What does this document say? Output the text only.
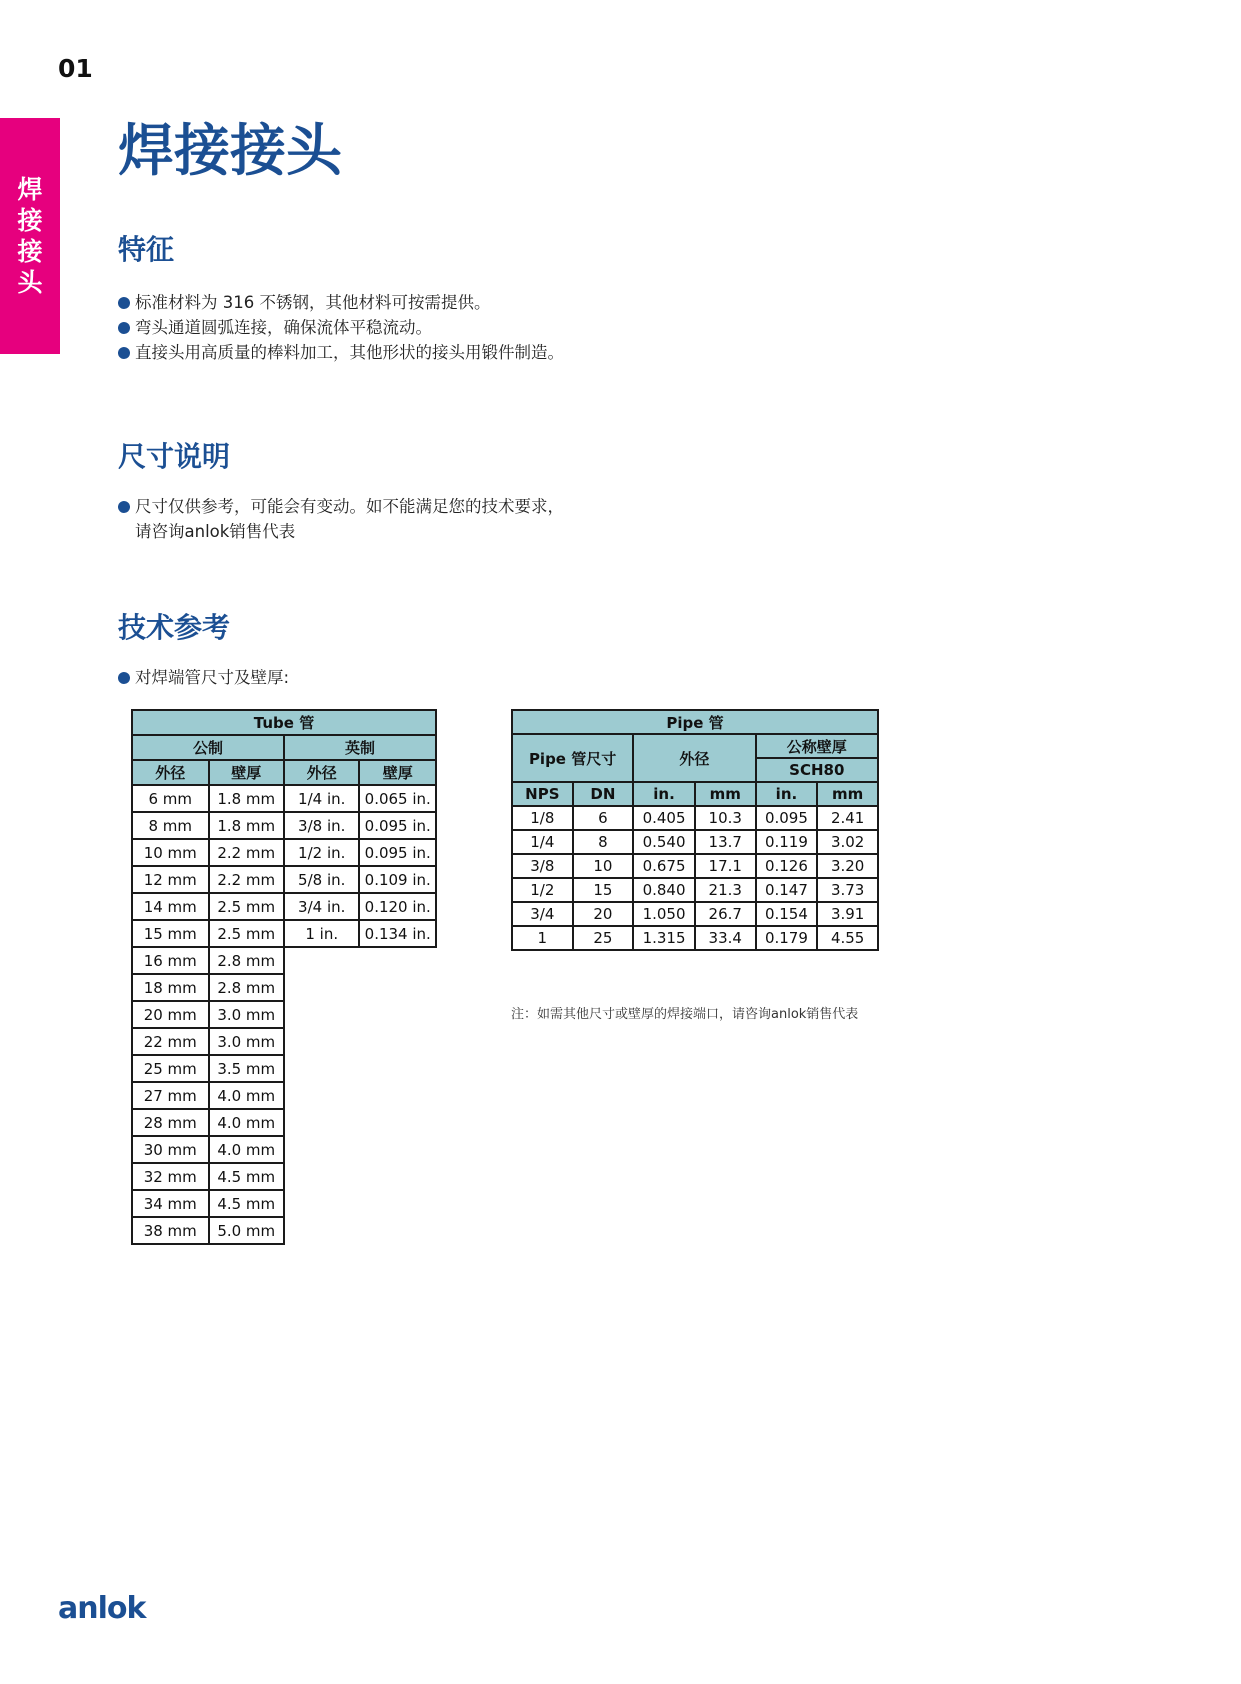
01
焊
接
接
头
焊接接头
特征
标准材料为 316 不锈钢，其他材料可按需提供。
弯头通道圆弧连接，确保流体平稳流动。
直接头用高质量的棒料加工，其他形状的接头用锻件制造。
尺寸说明
尺寸仅供参考，可能会有变动。如不能满足您的技术要求，
请咨询anlok销售代表
技术参考
对焊端管尺寸及壁厚:
Tube 管			
公制		英制	
外径	壁厚	外径	壁厚
6 mm	1.8 mm	1/4 in.	0.065 in.
8 mm	1.8 mm	3/8 in.	0.095 in.
10 mm	2.2 mm	1/2 in.	0.095 in.
12 mm	2.2 mm	5/8 in.	0.109 in.
14 mm	2.5 mm	3/4 in.	0.120 in.
15 mm	2.5 mm	1 in.	0.134 in.
16 mm	2.8 mm		
18 mm	2.8 mm		
20 mm	3.0 mm		
22 mm	3.0 mm		
25 mm	3.5 mm		
27 mm	4.0 mm		
28 mm	4.0 mm		
30 mm	4.0 mm		
32 mm	4.5 mm		
34 mm	4.5 mm		
38 mm	5.0 mm		
Pipe 管					
Pipe 管尺寸		外径		公称壁厚	
				SCH80	
NPS	DN	in.	mm	in.	mm
1/8	6	0.405	10.3	0.095	2.41
1/4	8	0.540	13.7	0.119	3.02
3/8	10	0.675	17.1	0.126	3.20
1/2	15	0.840	21.3	0.147	3.73
3/4	20	1.050	26.7	0.154	3.91
1	25	1.315	33.4	0.179	4.55
注：如需其他尺寸或壁厚的焊接端口，请咨询anlok销售代表
anlok
